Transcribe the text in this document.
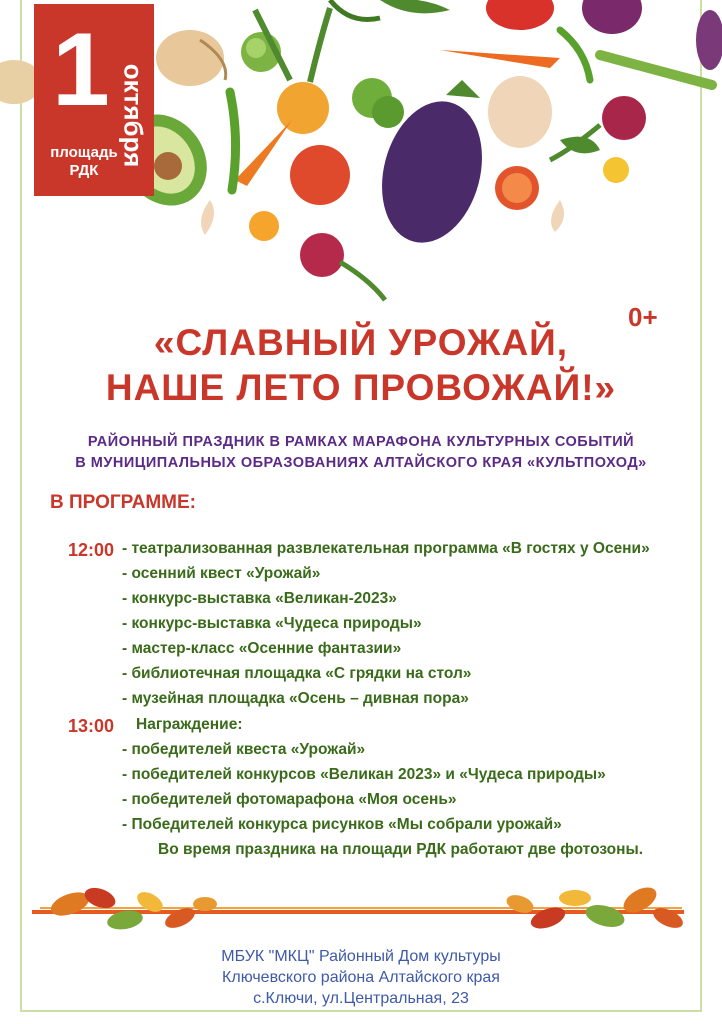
1 октября
площадь
РДК
0+
«СЛАВНЫЙ УРОЖАЙ,
НАШЕ ЛЕТО ПРОВОЖАЙ!»
РАЙОННЫЙ ПРАЗДНИК В РАМКАХ МАРАФОНА КУЛЬТУРНЫХ СОБЫТИЙ
В МУНИЦИПАЛЬНЫХ ОБРАЗОВАНИЯХ АЛТАЙСКОГО КРАЯ «КУЛЬТПОХОД»
В ПРОГРАММЕ:
12:00
13:00
- театрализованная развлекательная программа «В гостях у Осени»
- осенний квест «Урожай»
- конкурс-выставка «Великан-2023»
- конкурс-выставка «Чудеса природы»
- мастер-класс «Осенние фантазии»
- библиотечная площадка «С грядки на стол»
- музейная площадка «Осень – дивная пора»
Награждение:
- победителей квеста «Урожай»
- победителей конкурсов «Великан 2023» и «Чудеса природы»
- победителей фотомарафона «Моя осень»
- Победителей конкурса рисунков «Мы собрали урожай»
Во время праздника на площади РДК работают две фотозоны.
МБУК "МКЦ" Районный Дом культуры
Ключевского района Алтайского края
с.Ключи, ул.Центральная, 23
